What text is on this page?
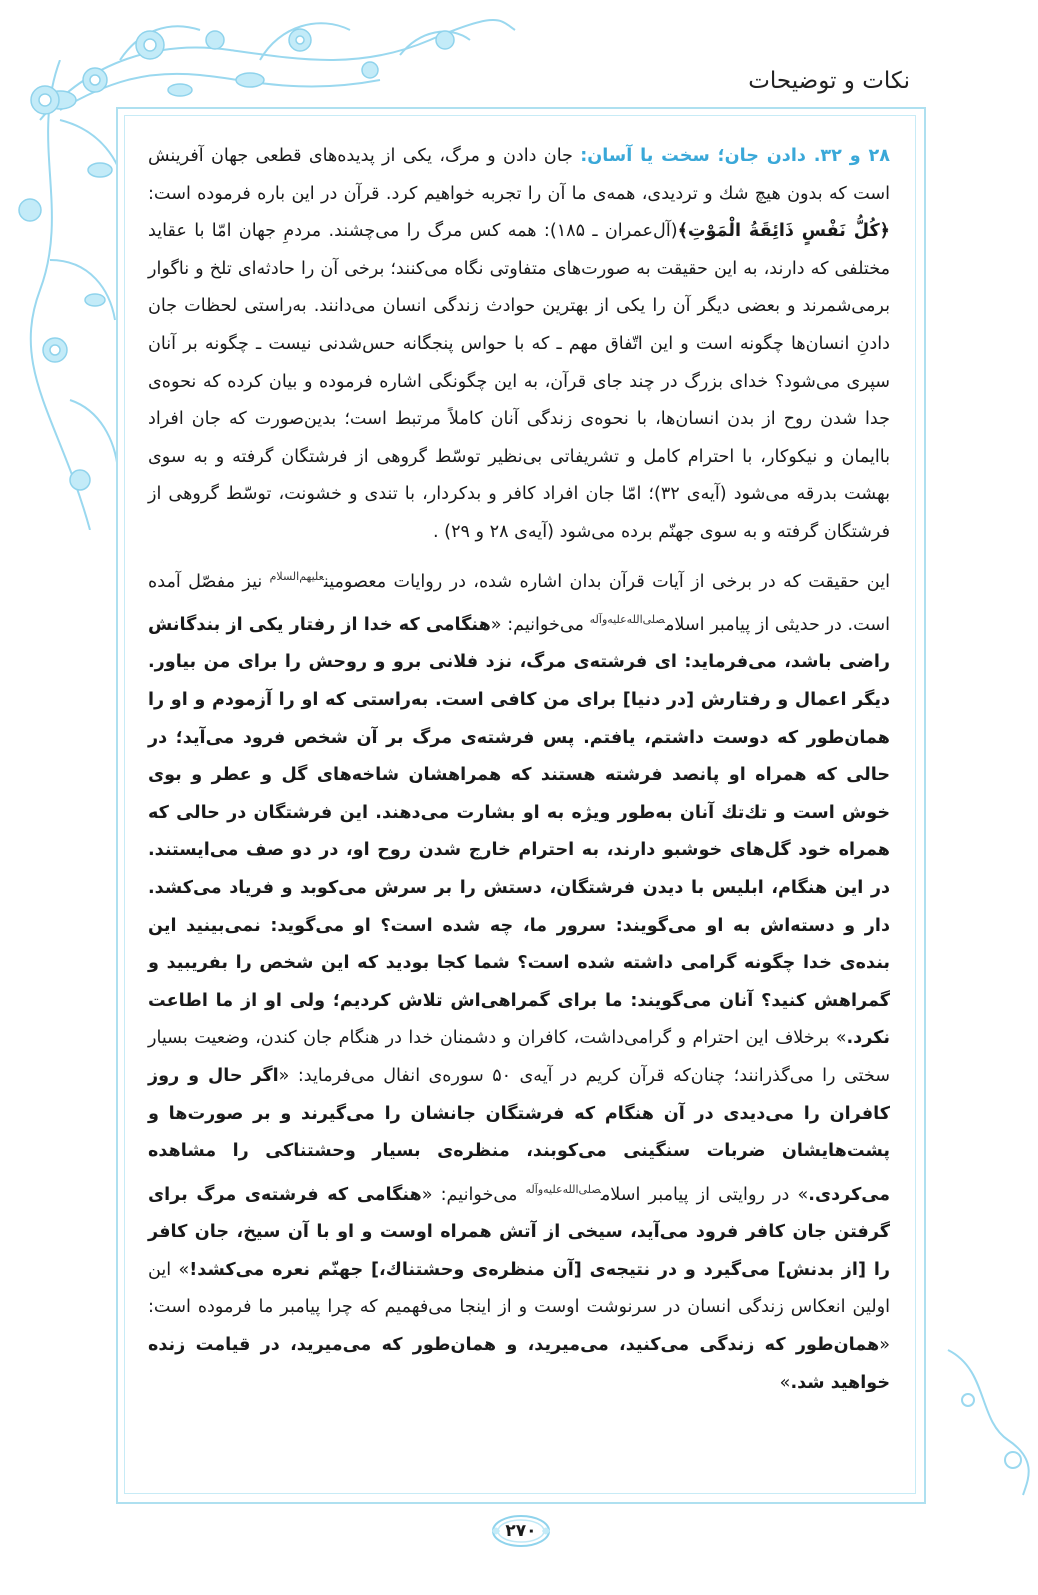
نکات و توضیحات

۲۸ و ۳۲. دادن جان؛ سخت یا آسان: جان دادن و مرگ، یکی از پدیده‌های قطعی جهان آفرینش است که بدون هیچ شك و تردیدی، همه‌ی ما آن را تجربه خواهیم کرد. قرآن در این باره فرموده است: ﴿كُلُّ نَفْسٍ ذَائِقَةُ الْمَوْتِ﴾(آل‌عمران ـ ۱۸۵): همه کس مرگ را می‌چشند. مردمِ جهان امّا با عقاید مختلفی که دارند، به این حقیقت به صورت‌های متفاوتی نگاه می‌کنند؛ برخی آن را حادثه‌ای تلخ و ناگوار برمی‌شمرند و بعضی دیگر آن را یکی از بهترین حوادث زندگی انسان می‌دانند. به‌راستی لحظات جان دادنِ انسان‌ها چگونه است و این اتّفاق مهم ـ که با حواس پنجگانه حس‌شدنی نیست ـ چگونه بر آنان سپری می‌شود؟ خدای بزرگ در چند جای قرآن، به این چگونگی اشاره فرموده و بیان کرده که نحوه‌ی جدا شدن روح از بدن انسان‌ها، با نحوه‌ی زندگی آنان کاملاً مرتبط است؛ بدین‌صورت که جان افراد باایمان و نیکوکار، با احترام کامل و تشریفاتی بی‌نظیر توسّط گروهی از فرشتگان گرفته و به سوی بهشت بدرقه می‌شود (آیه‌ی ۳۲)؛ امّا جان افراد کافر و بدکردار، با تندی و خشونت، توسّط گروهی از فرشتگان گرفته و به سوی جهنّم برده می‌شود (آیه‌ی ۲۸ و ۲۹) .

این حقیقت که در برخی از آیات قرآن بدان اشاره شده، در روایات معصومین$^{علیهم‌السلام}$ نیز مفصّل آمده است. در حدیثی از پیامبر اسلام$^{صلی‌الله‌علیه‌وآله}$ می‌خوانیم: «هنگامی که خدا از رفتار یکی از بندگانش راضی باشد، می‌فرماید: ای فرشته‌ی مرگ، نزد فلانی برو و روحش را برای من بیاور. دیگر اعمال و رفتارش [در دنیا] برای من کافی است. به‌راستی که او را آزمودم و او را همان‌طور که دوست داشتم، یافتم. پس فرشته‌ی مرگ بر آن شخص فرود می‌آید؛ در حالی که همراه او پانصد فرشته هستند که همراهشان شاخه‌های گل و عطر و بوی خوش است و تك‌تك آنان به‌طور ویژه به او بشارت می‌دهند. این فرشتگان در حالی که همراه خود گل‌های خوشبو دارند، به احترام خارج شدن روح او، در دو صف می‌ایستند. در این هنگام، ابلیس با دیدن فرشتگان، دستش را بر سرش می‌کوبد و فریاد می‌کشد. دار و دسته‌اش به او می‌گویند: سرور ما، چه شده است؟ او می‌گوید: نمی‌بینید این بنده‌ی خدا چگونه گرامی داشته شده است؟ شما کجا بودید که این شخص را بفریبید و گمراهش کنید؟ آنان می‌گویند: ما برای گمراهی‌اش تلاش کردیم؛ ولی او از ما اطاعت نکرد.» برخلاف این احترام و گرامی‌داشت، کافران و دشمنان خدا در هنگام جان کندن، وضعیت بسیار سختی را می‌گذرانند؛ چنان‌که قرآن کریم در آیه‌ی ۵۰ سوره‌ی انفال می‌فرماید: «اگر حال و روز کافران را می‌دیدی در آن هنگام که فرشتگان جانشان را می‌گیرند و بر صورت‌ها و پشت‌هایشان ضربات سنگینی می‌کوبند، منظره‌ی بسیار وحشتناکی را مشاهده می‌کردی.» در روایتی از پیامبر اسلام$^{صلی‌الله‌علیه‌وآله}$ می‌خوانیم: «هنگامی که فرشته‌ی مرگ برای گرفتن جان کافر فرود می‌آید، سیخی از آتش همراه اوست و او با آن سیخ، جان کافر را [از بدنش] می‌گیرد و در نتیجه‌ی [آن منظره‌ی وحشتناك،] جهنّم نعره می‌کشد!» این اولین انعکاس زندگی انسان در سرنوشت اوست و از اینجا می‌فهمیم که چرا پیامبر ما فرموده است: «همان‌طور که زندگی می‌کنید، می‌میرید، و همان‌طور که می‌میرید، در قیامت زنده خواهید شد.»

۲۷۰
